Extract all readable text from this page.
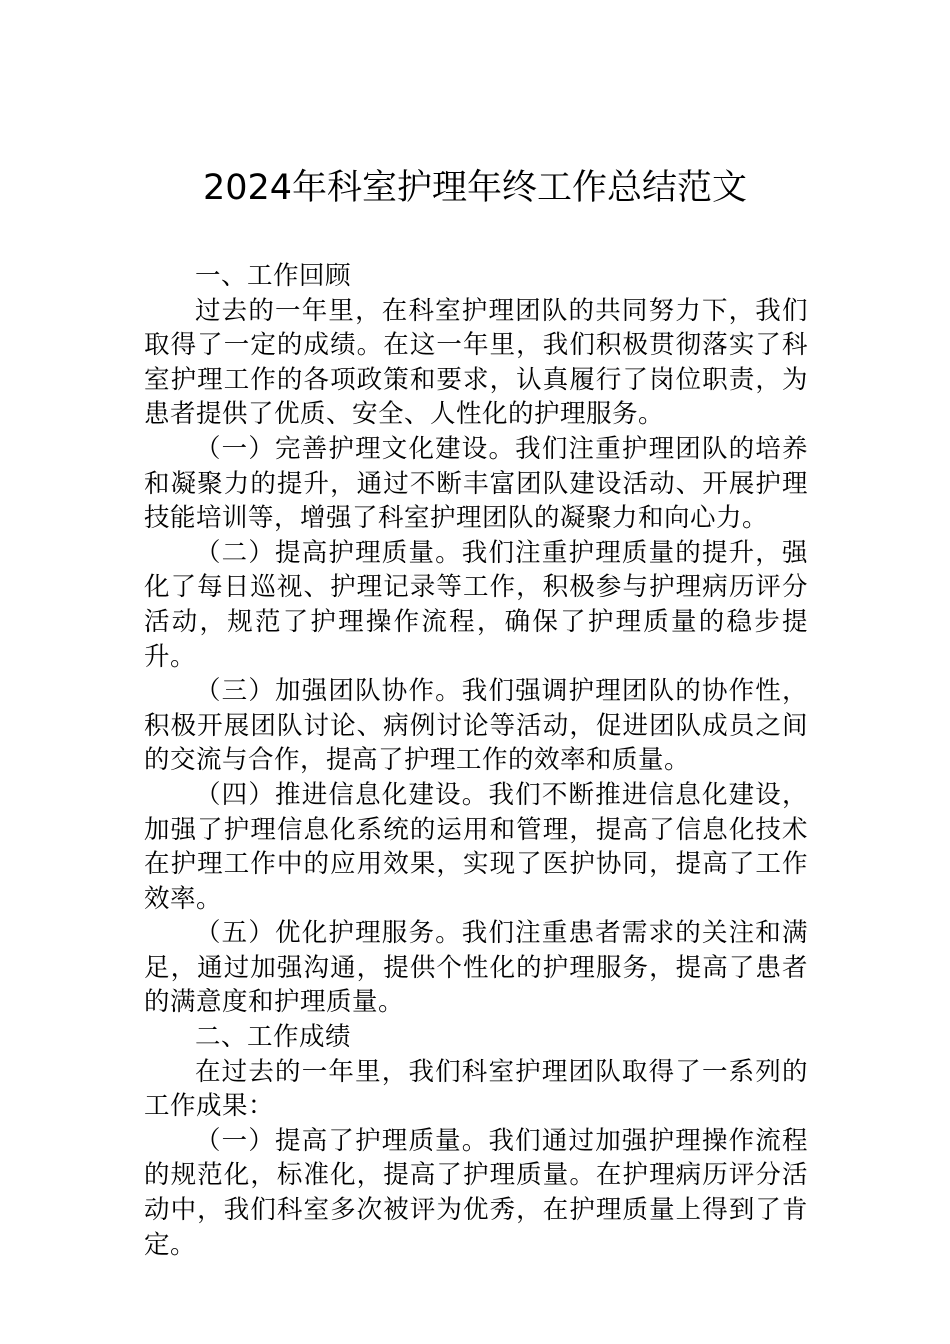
2024年科室护理年终工作总结范文

一、工作回顾

过去的一年里，在科室护理团队的共同努力下，我们取得了一定的成绩。在这一年里，我们积极贯彻落实了科室护理工作的各项政策和要求，认真履行了岗位职责，为患者提供了优质、安全、人性化的护理服务。

（一）完善护理文化建设。我们注重护理团队的培养和凝聚力的提升，通过不断丰富团队建设活动、开展护理技能培训等，增强了科室护理团队的凝聚力和向心力。

（二）提高护理质量。我们注重护理质量的提升，强化了每日巡视、护理记录等工作，积极参与护理病历评分活动，规范了护理操作流程，确保了护理质量的稳步提升。

（三）加强团队协作。我们强调护理团队的协作性，积极开展团队讨论、病例讨论等活动，促进团队成员之间的交流与合作，提高了护理工作的效率和质量。

（四）推进信息化建设。我们不断推进信息化建设，加强了护理信息化系统的运用和管理，提高了信息化技术在护理工作中的应用效果，实现了医护协同，提高了工作效率。

（五）优化护理服务。我们注重患者需求的关注和满足，通过加强沟通，提供个性化的护理服务，提高了患者的满意度和护理质量。

二、工作成绩

在过去的一年里，我们科室护理团队取得了一系列的工作成果：

（一）提高了护理质量。我们通过加强护理操作流程的规范化，标准化，提高了护理质量。在护理病历评分活动中，我们科室多次被评为优秀，在护理质量上得到了肯定。
